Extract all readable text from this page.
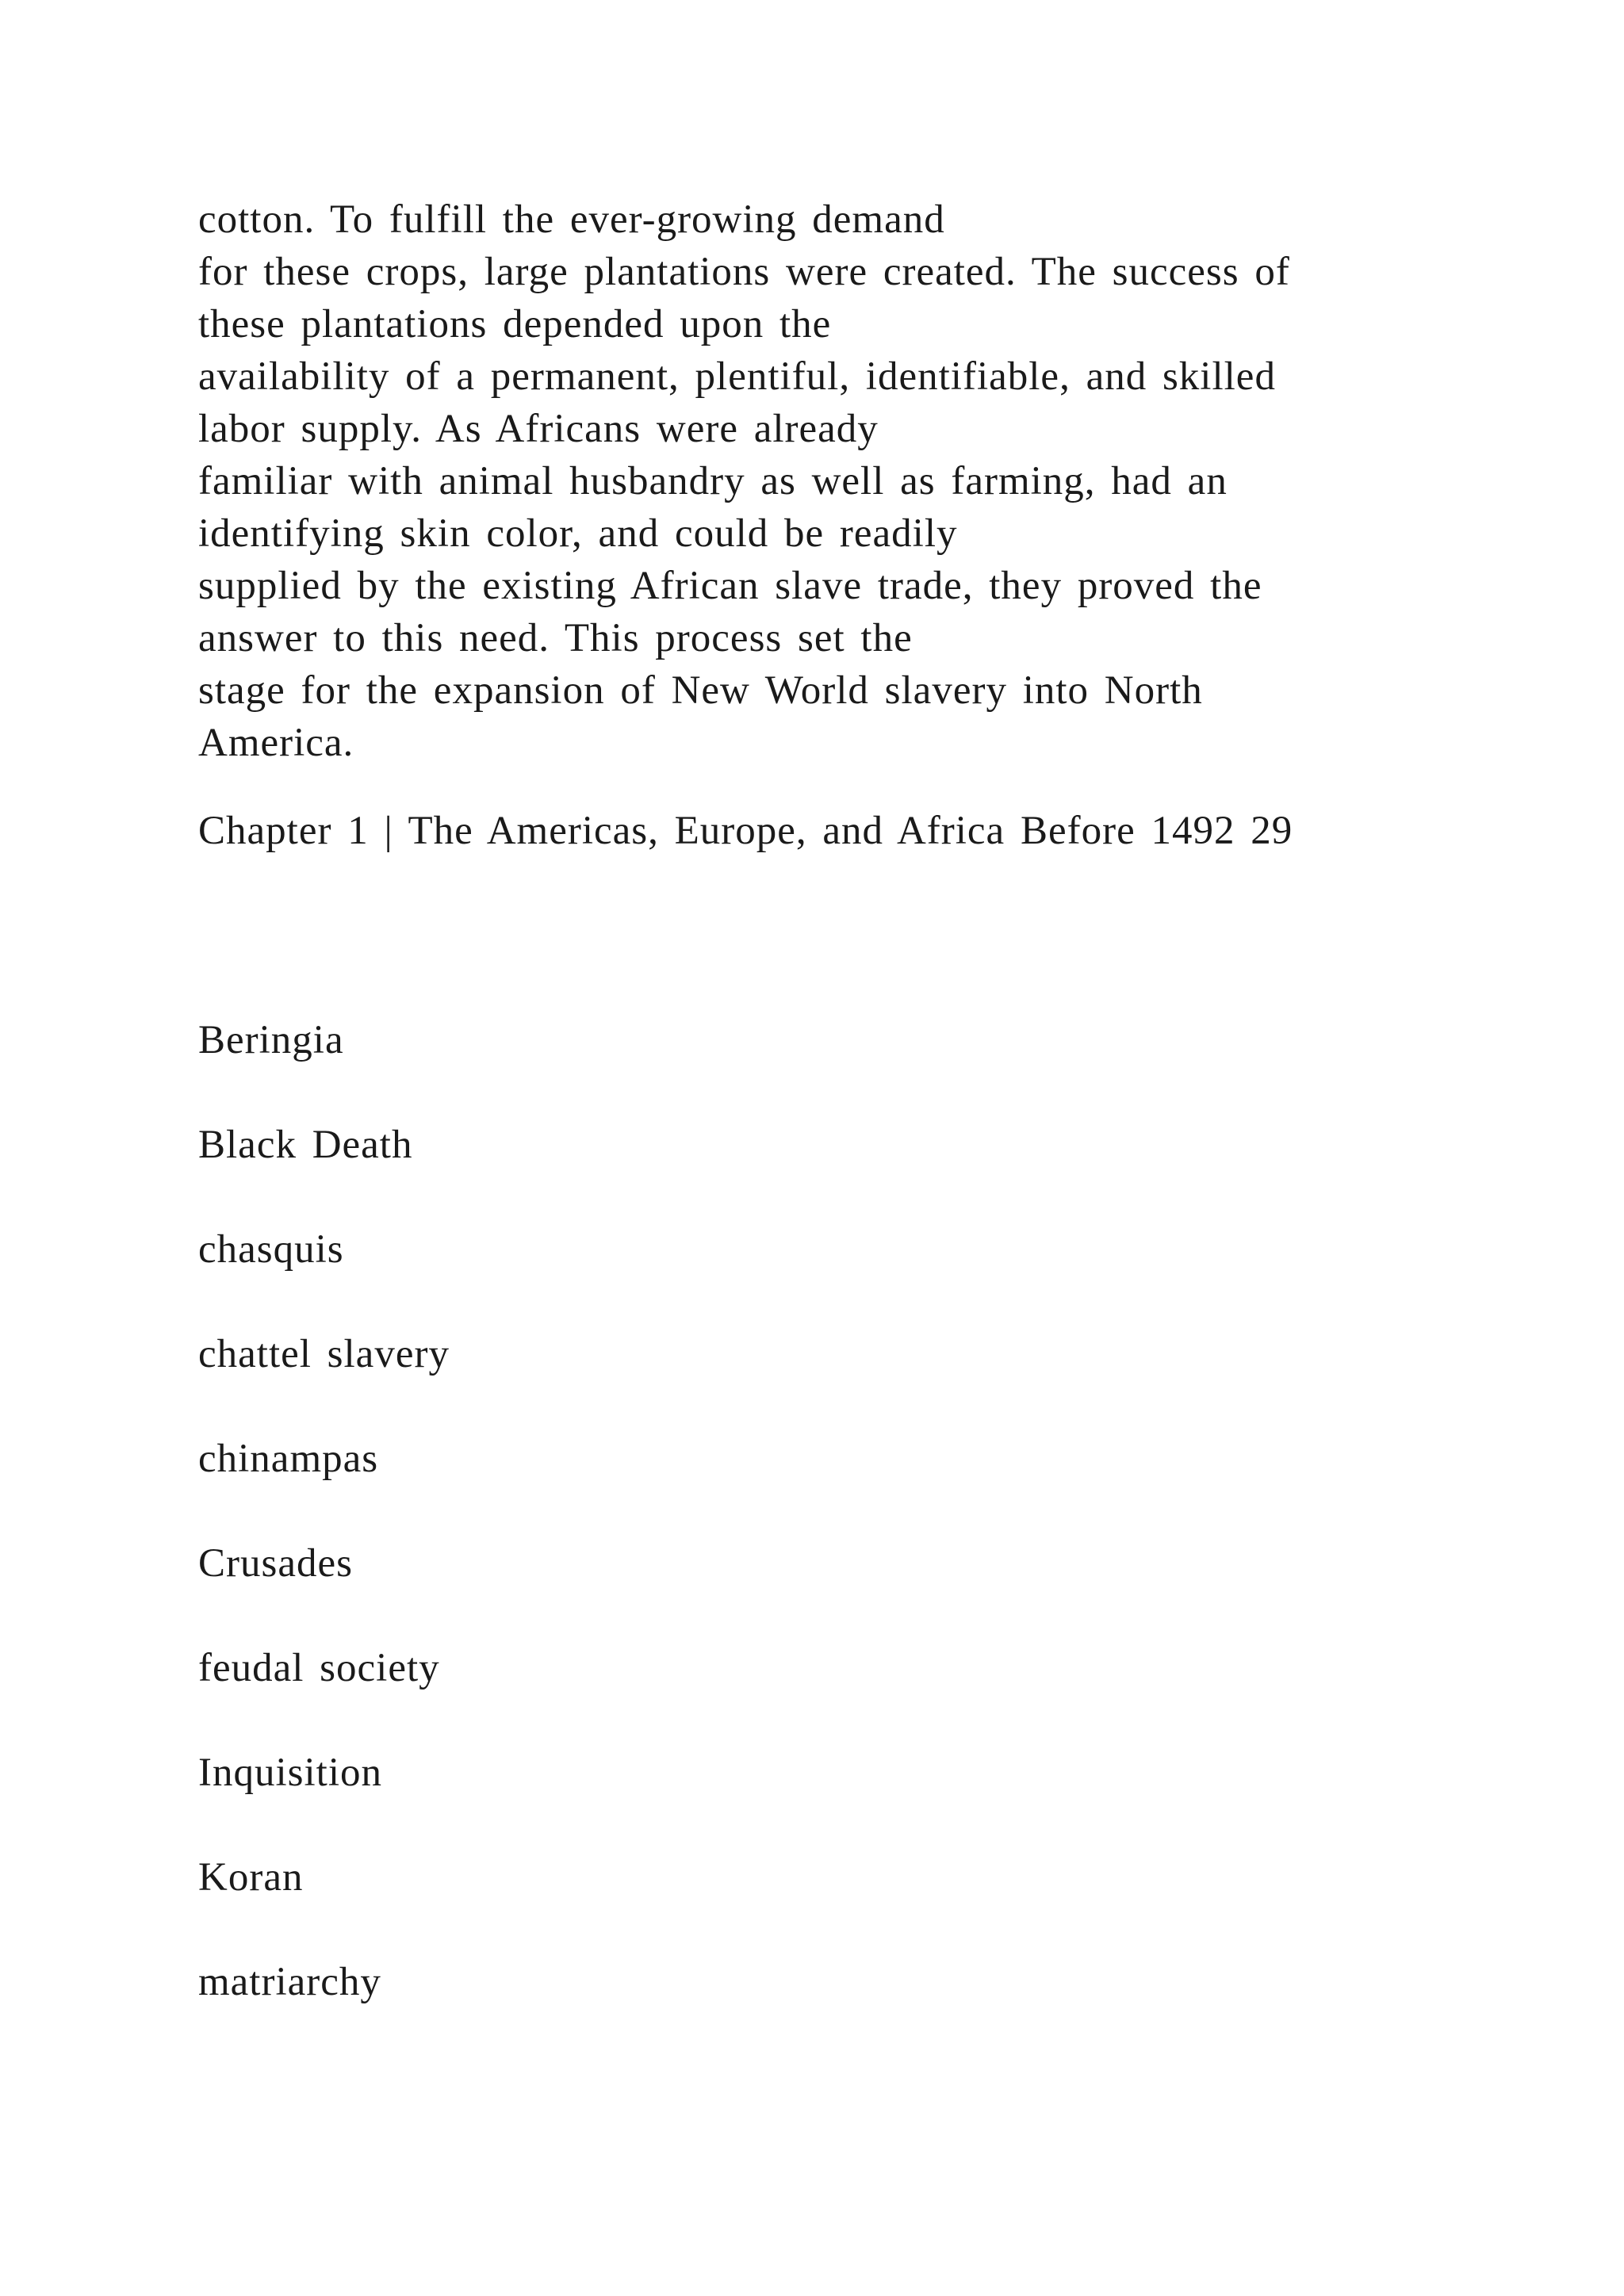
cotton. To fulfill the ever-growing demand
for these crops, large plantations were created. The success of
these plantations depended upon the
availability of a permanent, plentiful, identifiable, and skilled
labor supply. As Africans were already
familiar with animal husbandry as well as farming, had an
identifying skin color, and could be readily
supplied by the existing African slave trade, they proved the
answer to this need. This process set the
stage for the expansion of New World slavery into North
America.

Chapter 1 | The Americas, Europe, and Africa Before 1492 29

Beringia
Black Death
chasquis
chattel slavery
chinampas
Crusades
feudal society
Inquisition
Koran
matriarchy
